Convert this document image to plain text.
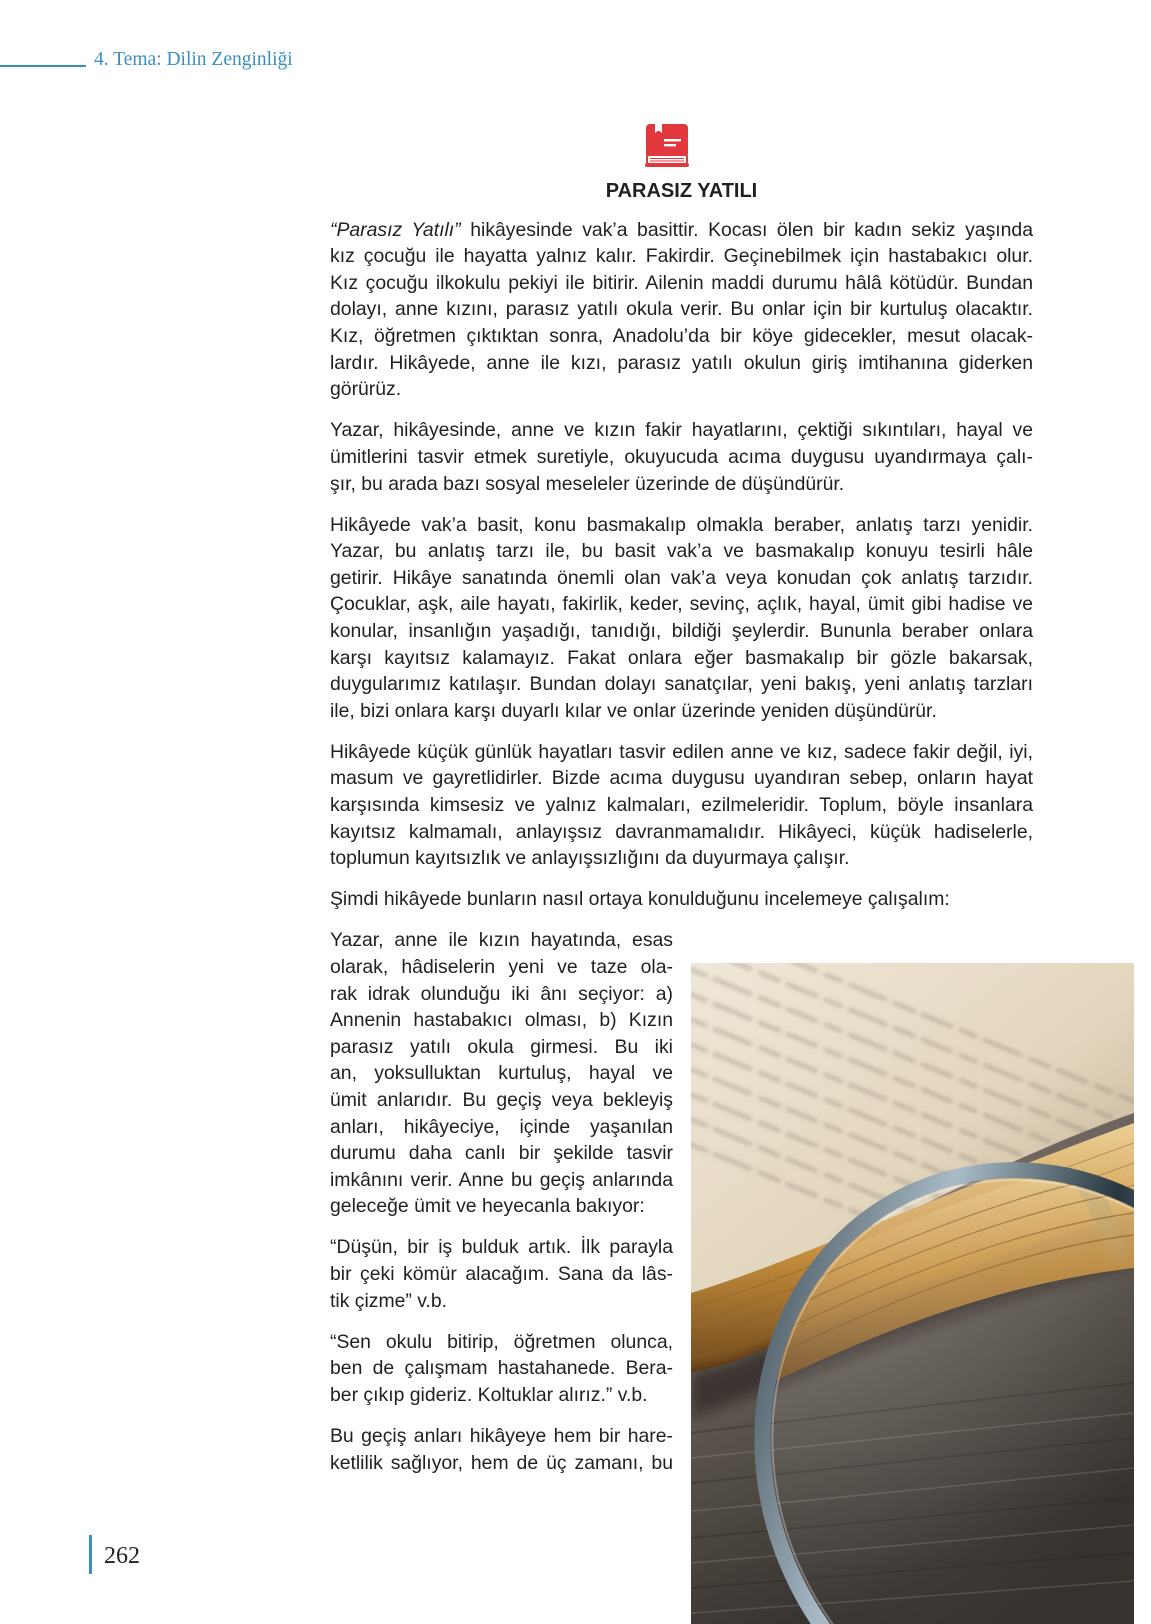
4. Tema: Dilin Zenginliği
PARASIZ YATILI
“Parasız Yatılı” hikâyesinde vak’a basittir. Kocası ölen bir kadın sekiz yaşında
kız çocuğu ile hayatta yalnız kalır. Fakirdir. Geçinebilmek için hastabakıcı olur.
Kız çocuğu ilkokulu pekiyi ile bitirir. Ailenin maddi durumu hâlâ kötüdür. Bundan
dolayı, anne kızını, parasız yatılı okula verir. Bu onlar için bir kurtuluş olacaktır.
Kız, öğretmen çıktıktan sonra, Anadolu’da bir köye gidecekler, mesut olacak-
lardır. Hikâyede, anne ile kızı, parasız yatılı okulun giriş imtihanına giderken
görürüz.
Yazar, hikâyesinde, anne ve kızın fakir hayatlarını, çektiği sıkıntıları, hayal ve
ümitlerini tasvir etmek suretiyle, okuyucuda acıma duygusu uyandırmaya çalı-
şır, bu arada bazı sosyal meseleler üzerinde de düşündürür.
Hikâyede vak’a basit, konu basmakalıp olmakla beraber, anlatış tarzı yenidir.
Yazar, bu anlatış tarzı ile, bu basit vak’a ve basmakalıp konuyu tesirli hâle
getirir. Hikâye sanatında önemli olan vak’a veya konudan çok anlatış tarzıdır.
Çocuklar, aşk, aile hayatı, fakirlik, keder, sevinç, açlık, hayal, ümit gibi hadise ve
konular, insanlığın yaşadığı, tanıdığı, bildiği şeylerdir. Bununla beraber onlara
karşı kayıtsız kalamayız. Fakat onlara eğer basmakalıp bir gözle bakarsak,
duygularımız katılaşır. Bundan dolayı sanatçılar, yeni bakış, yeni anlatış tarzları
ile, bizi onlara karşı duyarlı kılar ve onlar üzerinde yeniden düşündürür.
Hikâyede küçük günlük hayatları tasvir edilen anne ve kız, sadece fakir değil, iyi,
masum ve gayretlidirler. Bizde acıma duygusu uyandıran sebep, onların hayat
karşısında kimsesiz ve yalnız kalmaları, ezilmeleridir. Toplum, böyle insanlara
kayıtsız kalmamalı, anlayışsız davranmamalıdır. Hikâyeci, küçük hadiselerle,
toplumun kayıtsızlık ve anlayışsızlığını da duyurmaya çalışır.
Şimdi hikâyede bunların nasıl ortaya konulduğunu incelemeye çalışalım:
Yazar, anne ile kızın hayatında, esas
olarak, hâdiselerin yeni ve taze ola-
rak idrak olunduğu iki ânı seçiyor: a)
Annenin hastabakıcı olması, b) Kızın
parasız yatılı okula girmesi. Bu iki
an, yoksulluktan kurtuluş, hayal ve
ümit anlarıdır. Bu geçiş veya bekleyiş
anları, hikâyeciye, içinde yaşanılan
durumu daha canlı bir şekilde tasvir
imkânını verir. Anne bu geçiş anlarında
geleceğe ümit ve heyecanla bakıyor:
“Düşün, bir iş bulduk artık. İlk parayla
bir çeki kömür alacağım. Sana da lâs-
tik çizme” v.b.
“Sen okulu bitirip, öğretmen olunca,
ben de çalışmam hastahanede. Bera-
ber çıkıp gideriz. Koltuklar alırız.” v.b.
Bu geçiş anları hikâyeye hem bir hare-
ketlilik sağlıyor, hem de üç zamanı, bu
262
